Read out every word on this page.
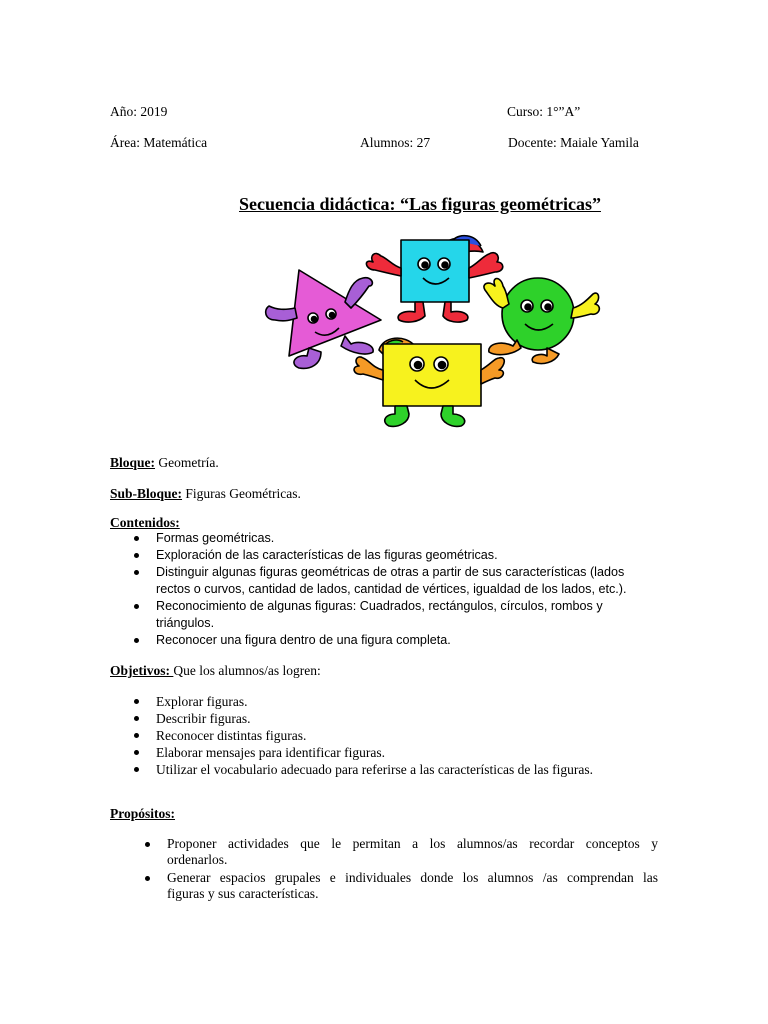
Año: 2019	Curso: 1°”A”
Área: Matemática	Alumnos: 27	Docente: Maiale Yamila
Secuencia didáctica: “Las figuras geométricas”
Bloque: Geometría.
Sub-Bloque: Figuras Geométricas.
Contenidos:
Formas geométricas.
Exploración de las características de las figuras geométricas.
Distinguir algunas figuras geométricas de otras a partir de sus características (lados
rectos o curvos, cantidad de lados, cantidad de vértices, igualdad de los lados, etc.).
Reconocimiento de algunas figuras: Cuadrados, rectángulos, círculos, rombos y
triángulos.
Reconocer una figura dentro de una figura completa.
Objetivos: Que los alumnos/as logren:
Explorar figuras.
Describir figuras.
Reconocer distintas figuras.
Elaborar mensajes para identificar figuras.
Utilizar el vocabulario adecuado para referirse a las características de las figuras.
Propósitos:
Proponer actividades que le permitan a los alumnos/as recordar conceptos y
ordenarlos.
Generar espacios grupales e individuales donde los alumnos /as comprendan las
figuras y sus características.
